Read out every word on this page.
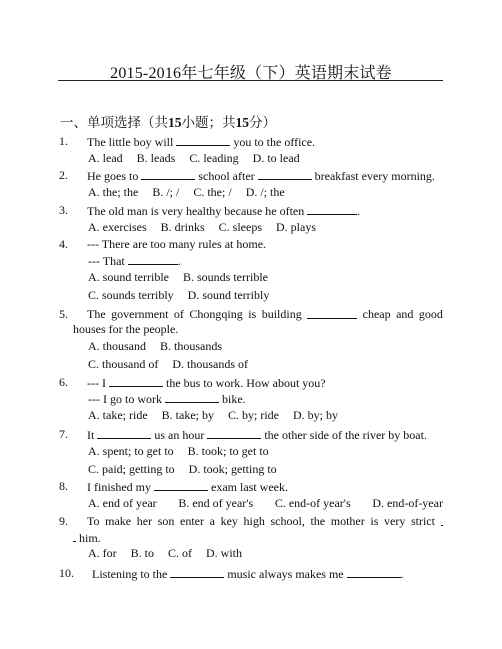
2015-2016年七年级（下）英语期末试卷
一、单项选择（共15小题；共15分）
1. The little boy will	you to the office.
A. lead B. leads C. leading D. to lead
2. He goes to	school after	breakfast every morning.
A. the; the B. /; / C. the; / D. /; the
3. The old man is very healthy because he often	.
A. exercises B. drinks C. sleeps D. plays
4. --- There are too many rules at home.
--- That	.
A. sound terrible B. sounds terrible
C. sounds terribly D. sound terribly
5. The government of Chongqing is building	cheap and good
houses for the people.
A. thousand B. thousands
C. thousand of D. thousands of
6. --- I	the bus to work. How about you?
--- I go to work	bike.
A. take; ride B. take; by C. by; ride D. by; by
7. It	us an hour	the other side of the river by boat.
A. spent; to get to B. took; to get to
C. paid; getting to D. took; getting to
8. I finished my	exam last week.
A. end of year B. end of year's C. end-of year's D. end-of-year
9. To make her son enter a key high school, the mother is very strict
him.
A. for B. to C. of D. with
10. Listening to the	music always makes me	.
